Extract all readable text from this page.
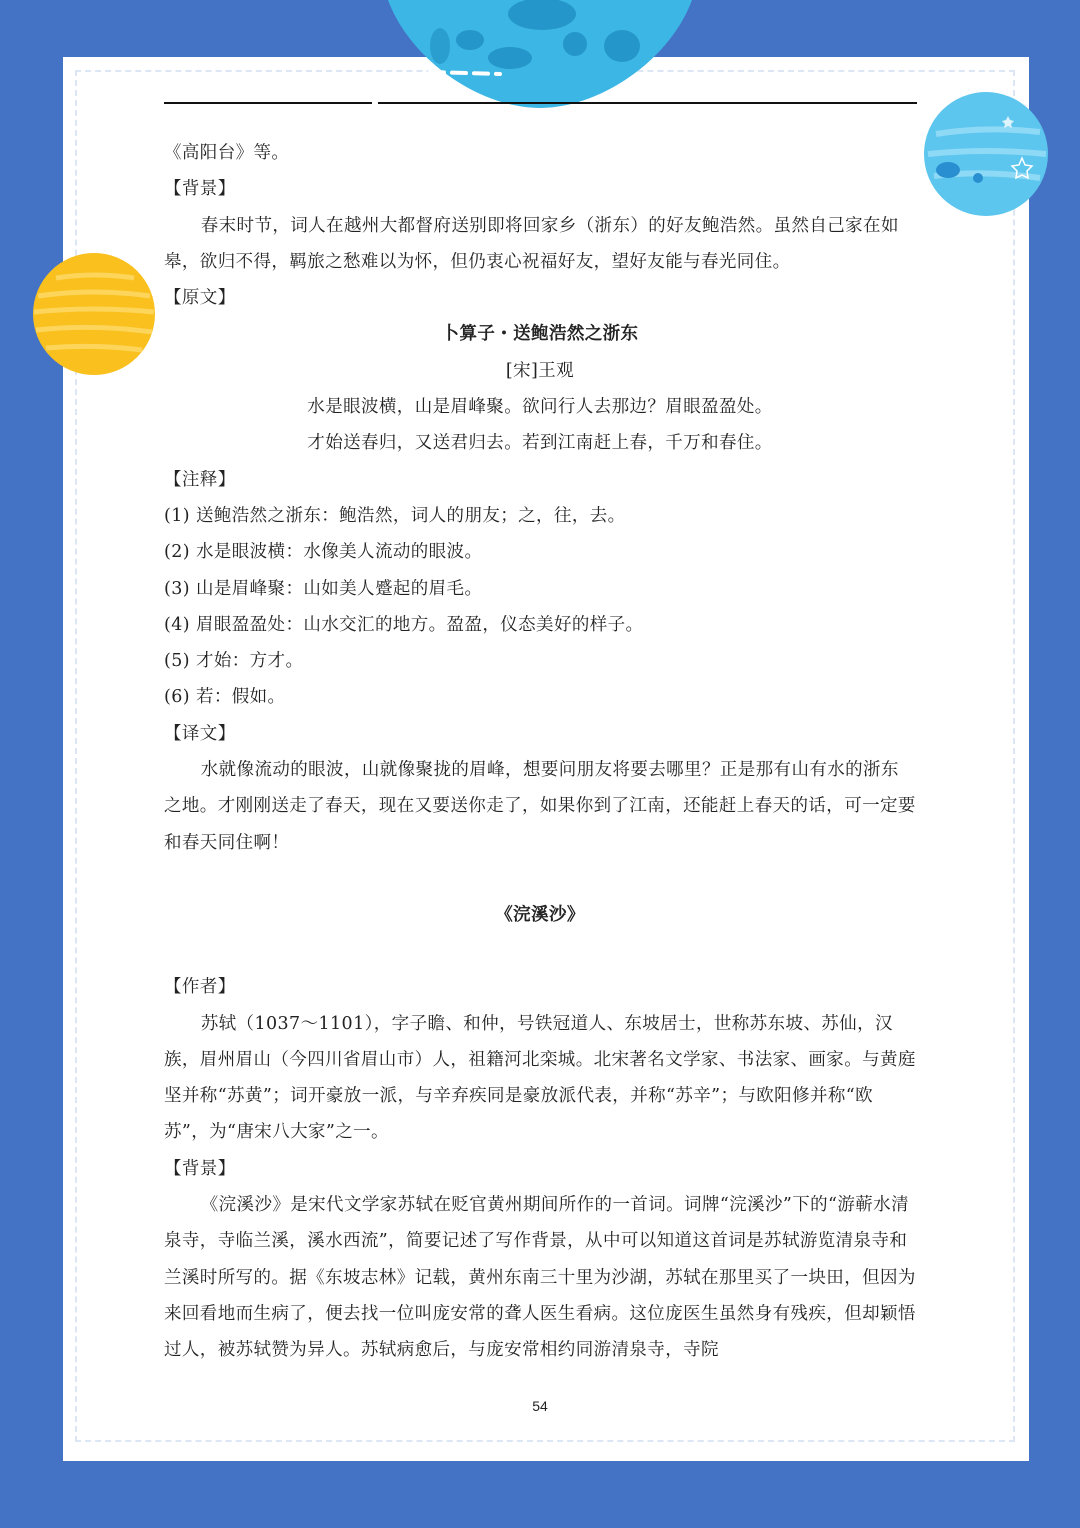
《高阳台》等。

【背景】

春末时节，词人在越州大都督府送别即将回家乡（浙东）的好友鲍浩然。虽然自己家在如皋，欲归不得，羁旅之愁难以为怀，但仍衷心祝福好友，望好友能与春光同住。

【原文】

卜算子・送鲍浩然之浙东

[宋]王观

水是眼波横，山是眉峰聚。欲问行人去那边？眉眼盈盈处。

才始送春归，又送君归去。若到江南赶上春，千万和春住。

【注释】

(1) 送鲍浩然之浙东：鲍浩然，词人的朋友；之，往，去。

(2) 水是眼波横：水像美人流动的眼波。

(3) 山是眉峰聚：山如美人蹙起的眉毛。

(4) 眉眼盈盈处：山水交汇的地方。盈盈，仪态美好的样子。

(5) 才始：方才。

(6) 若：假如。

【译文】

水就像流动的眼波，山就像聚拢的眉峰，想要问朋友将要去哪里？正是那有山有水的浙东之地。才刚刚送走了春天，现在又要送你走了，如果你到了江南，还能赶上春天的话，可一定要和春天同住啊！

《浣溪沙》

【作者】

苏轼（1037～1101），字子瞻、和仲，号铁冠道人、东坡居士，世称苏东坡、苏仙，汉族，眉州眉山（今四川省眉山市）人，祖籍河北栾城。北宋著名文学家、书法家、画家。与黄庭坚并称“苏黄”；词开豪放一派，与辛弃疾同是豪放派代表，并称“苏辛”；与欧阳修并称“欧苏”，为“唐宋八大家”之一。

【背景】

《浣溪沙》是宋代文学家苏轼在贬官黄州期间所作的一首词。词牌“浣溪沙”下的“游蕲水清泉寺，寺临兰溪，溪水西流”，简要记述了写作背景，从中可以知道这首词是苏轼游览清泉寺和兰溪时所写的。据《东坡志林》记载，黄州东南三十里为沙湖，苏轼在那里买了一块田，但因为来回看地而生病了，便去找一位叫庞安常的聋人医生看病。这位庞医生虽然身有残疾，但却颖悟过人，被苏轼赞为异人。苏轼病愈后，与庞安常相约同游清泉寺，寺院

54
